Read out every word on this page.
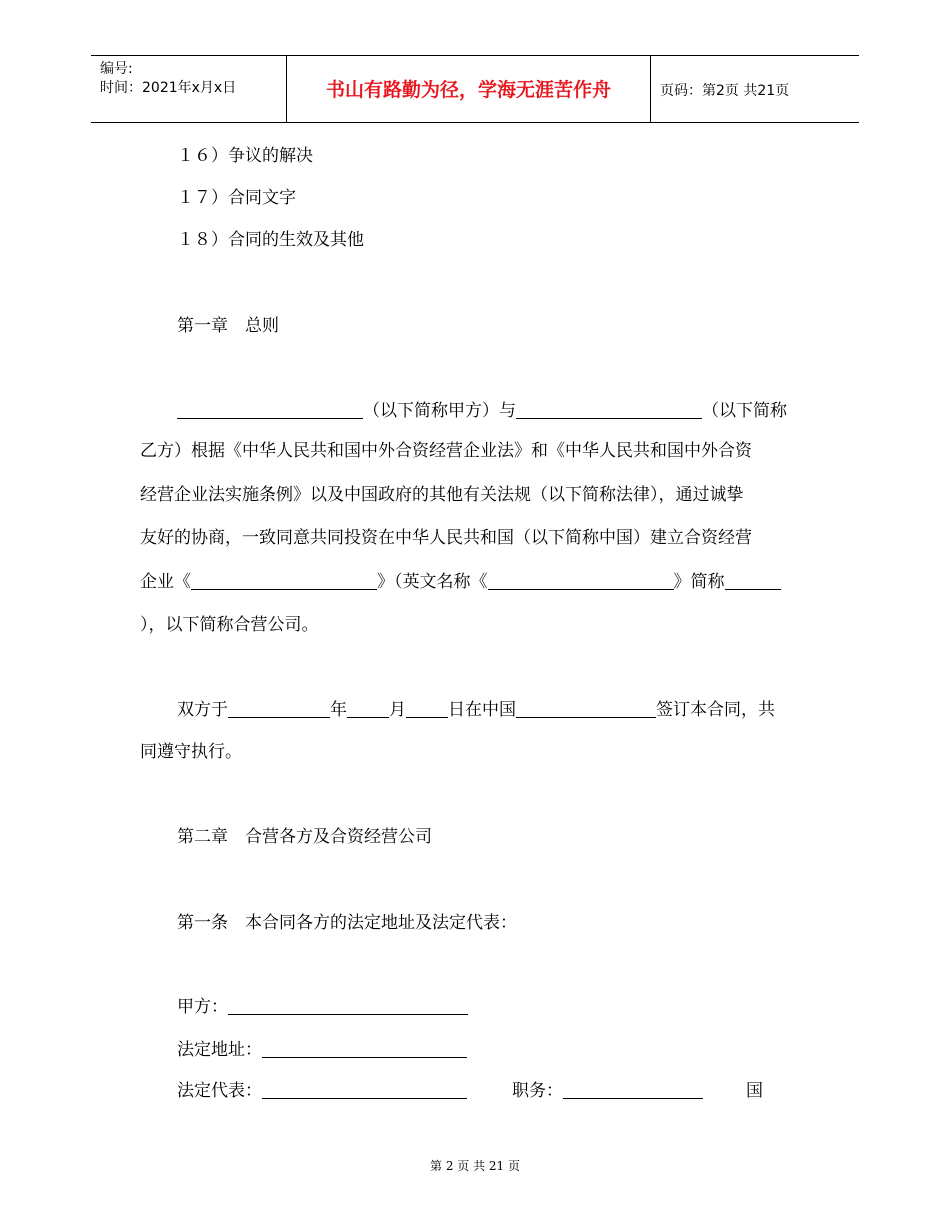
编号:
时间：2021年x月x日	书山有路勤为径，学海无涯苦作舟	页码：第2页 共21页
１６）争议的解决
１７）合同文字
１８）合同的生效及其他
第一章　总则
（以下简称甲方）与	（以下简称
乙方）根据《中华人民共和国中外合资经营企业法》和《中华人民共和国中外合资
经营企业法实施条例》以及中国政府的其他有关法规（以下简称法律），通过诚挚
友好的协商，一致同意共同投资在中华人民共和国（以下简称中国）建立合资经营
企业《	》（英文名称《	》简称
），以下简称合营公司。
双方于	年 月 日在中国	签订本合同，共
同遵守执行。
第二章　合营各方及合资经营公司
第一条　本合同各方的法定地址及法定代表：
甲方：
法定地址：
法定代表：	职务：	国
第 2 页 共 21 页
